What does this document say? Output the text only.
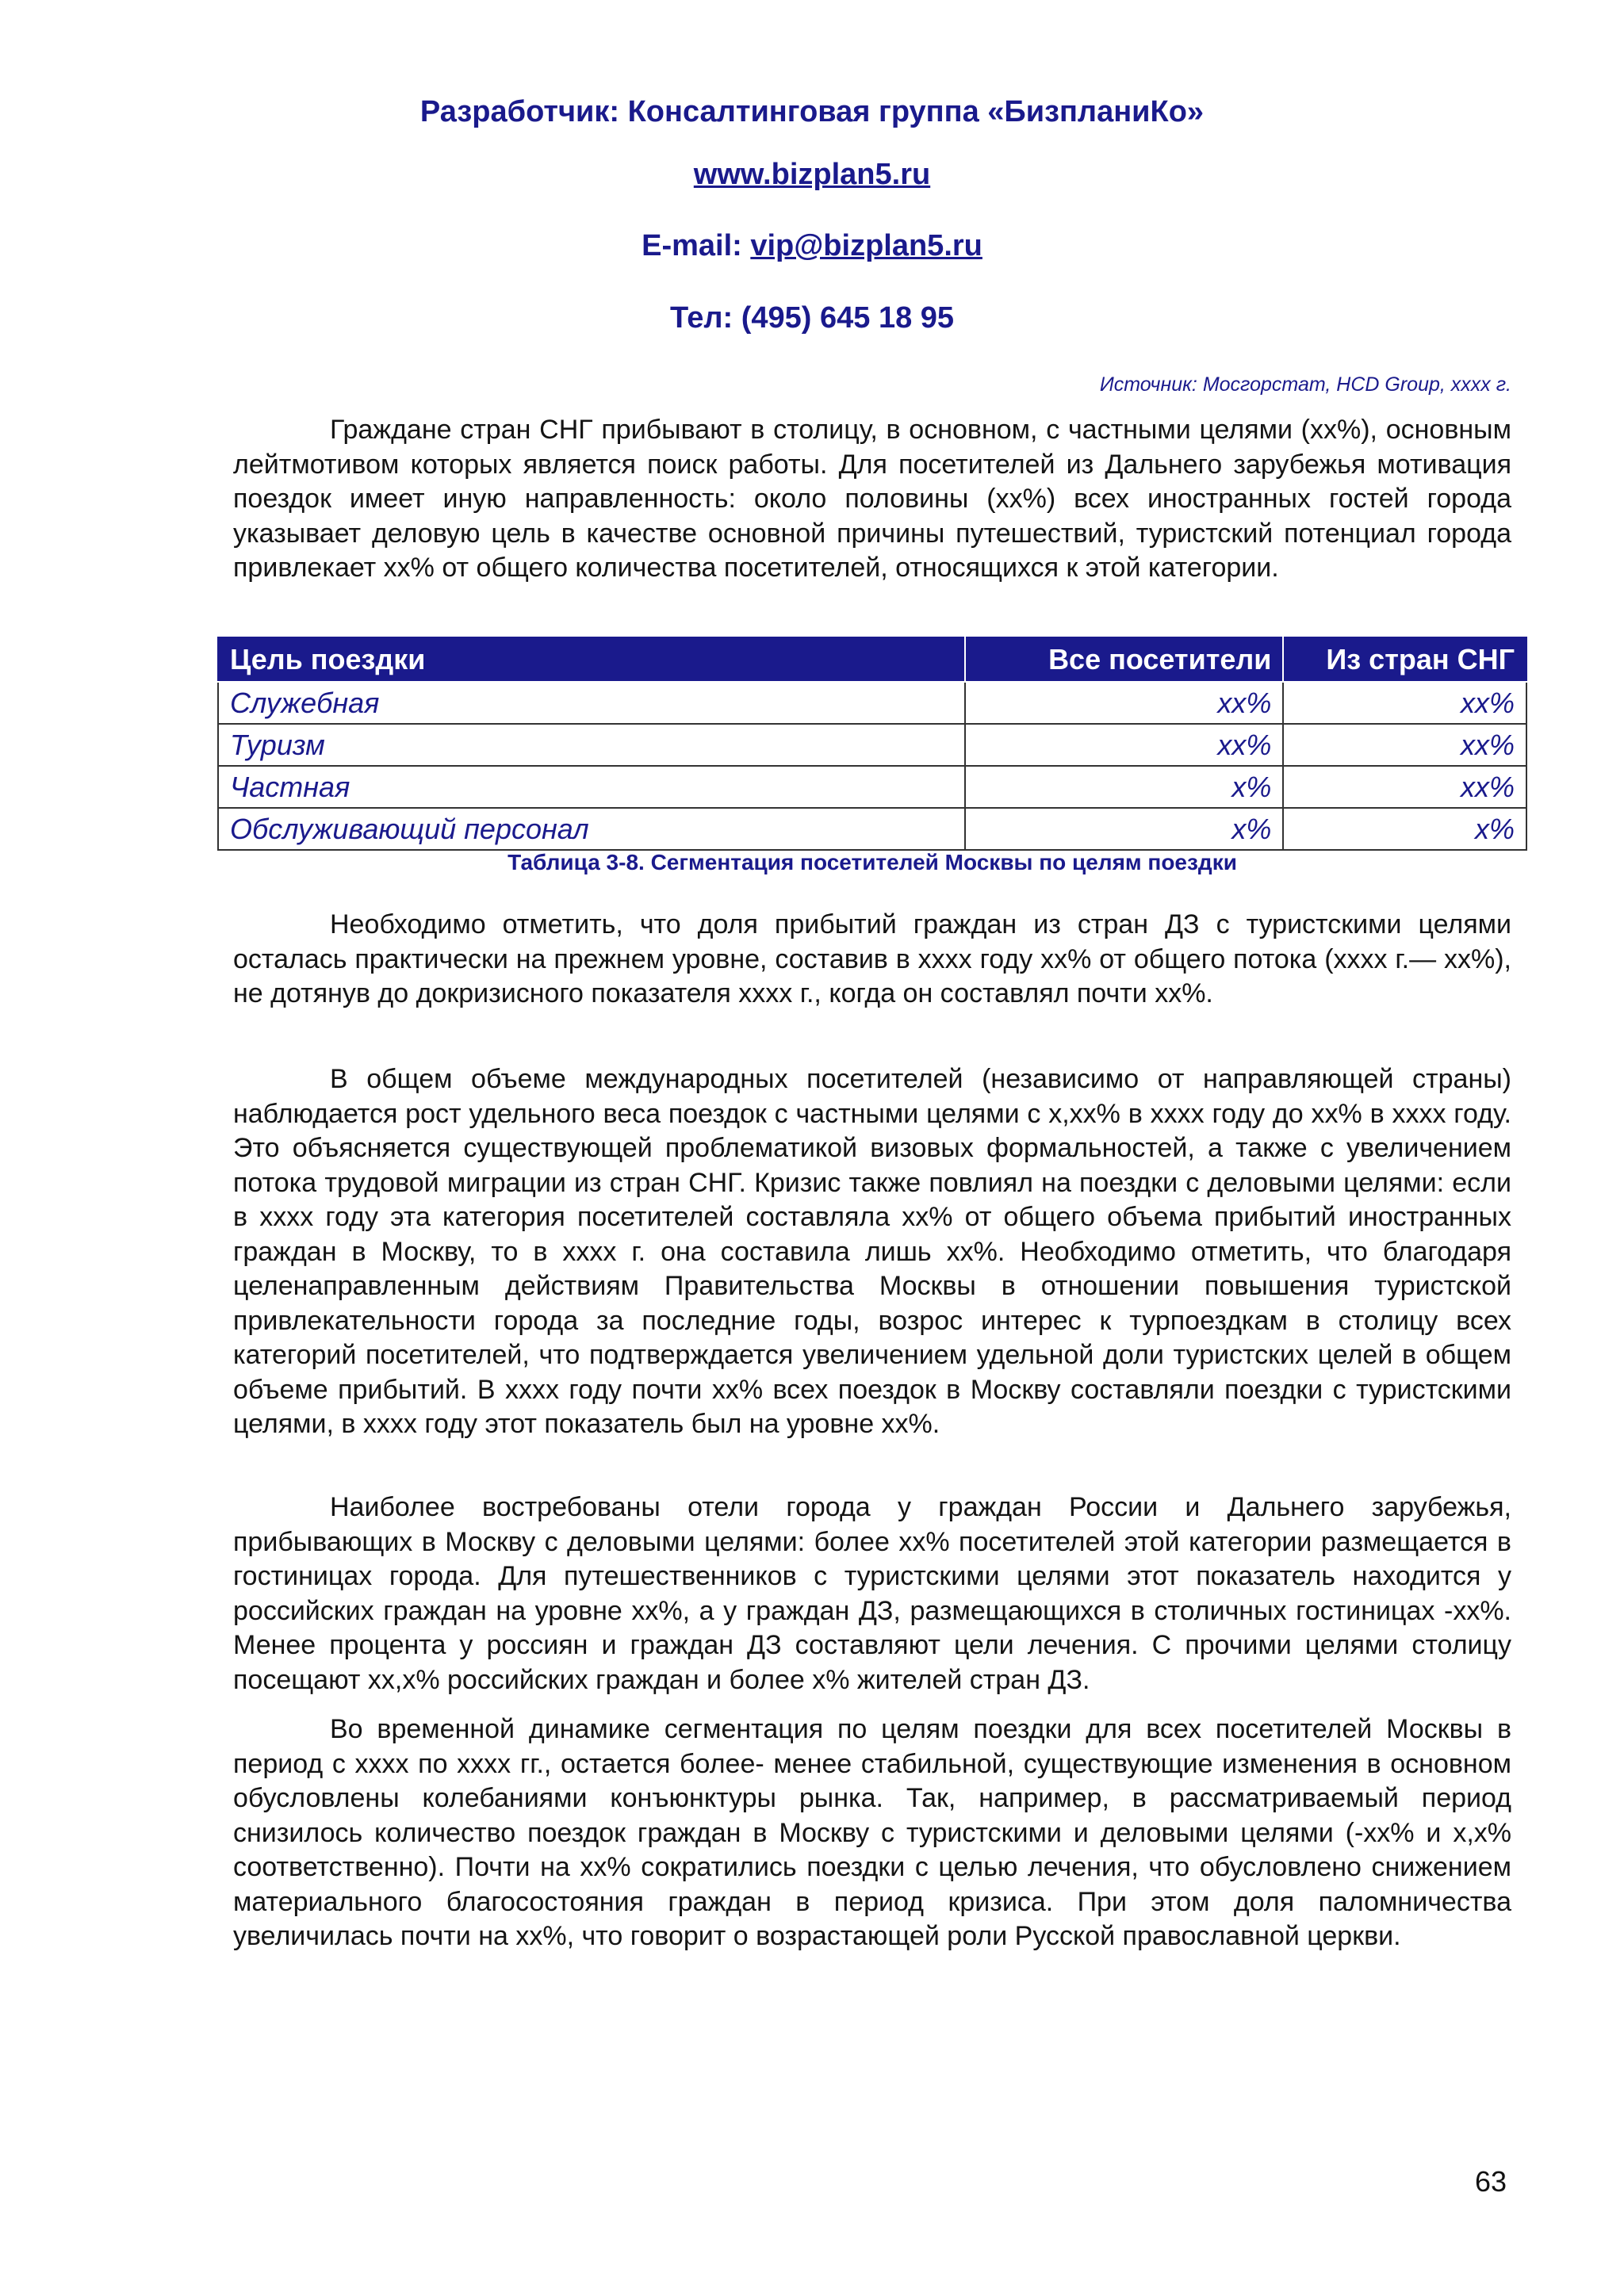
Разработчик: Консалтинговая группа «БизпланиКо»
www.bizplan5.ru
E-mail: vip@bizplan5.ru
Тел: (495) 645 18 95
Источник: Мосгорстат, HCD Group, хххх г.

Граждане стран СНГ прибывают в столицу, в основном, с частными целями (хх%), основным лейтмотивом которых является поиск работы. Для посетителей из Дальнего зарубежья мотивация поездок имеет иную направленность: около половины (хх%) всех иностранных гостей города указывает деловую цель в качестве основной причины путешествий, туристский потенциал города привлекает хх% от общего количества посетителей, относящихся к этой категории.

Цель поездки	Все посетители	Из стран СНГ
Служебная	хх%	хх%
Туризм	хх%	хх%
Частная	х%	хх%
Обслуживающий персонал	х%	х%
Таблица 3-8. Сегментация посетителей Москвы по целям поездки

Необходимо отметить, что доля прибытий граждан из стран ДЗ с туристскими целями осталась практически на прежнем уровне, составив в хххх году хх% от общего потока (хххх г.— хх%), не дотянув до докризисного показателя хххх г., когда он составлял почти хх%.

В общем объеме международных посетителей (независимо от направляющей страны) наблюдается рост удельного веса поездок с частными целями с х,хх% в хххх году до хх% в хххх году. Это объясняется существующей проблематикой визовых формальностей, а также с увеличением потока трудовой миграции из стран СНГ. Кризис также повлиял на поездки с деловыми целями: если в хххх году эта категория посетителей составляла хх% от общего объема прибытий иностранных граждан в Москву, то в хххх г. она составила лишь хх%. Необходимо отметить, что благодаря целенаправленным действиям Правительства Москвы в отношении повышения туристской привлекательности города за последние годы, возрос интерес к турпоездкам в столицу всех категорий посетителей, что подтверждается увеличением удельной доли туристских целей в общем объеме прибытий. В хххх году почти хх% всех поездок в Москву составляли поездки с туристскими целями, в хххх году этот показатель был на уровне хх%.

Наиболее востребованы отели города у граждан России и Дальнего зарубежья, прибывающих в Москву с деловыми целями: более хх% посетителей этой категории размещается в гостиницах города. Для путешественников с туристскими целями этот показатель находится у российских граждан на уровне хх%, а у граждан ДЗ, размещающихся в столичных гостиницах -хх%. Менее процента у россиян и граждан ДЗ составляют цели лечения. С прочими целями столицу посещают хх,х% российских граждан и более х% жителей стран ДЗ.

Во временной динамике сегментация по целям поездки для всех посетителей Москвы в период с хххх по хххх гг., остается более- менее стабильной, существующие изменения в основном обусловлены колебаниями конъюнктуры рынка. Так, например, в рассматриваемый период снизилось количество поездок граждан в Москву с туристскими и деловыми целями (-хх% и х,х% соответственно). Почти на хх% сократились поездки с целью лечения, что обусловлено снижением материального благосостояния граждан в период кризиса. При этом доля паломничества увеличилась почти на хх%, что говорит о возрастающей роли Русской православной церкви.

63
